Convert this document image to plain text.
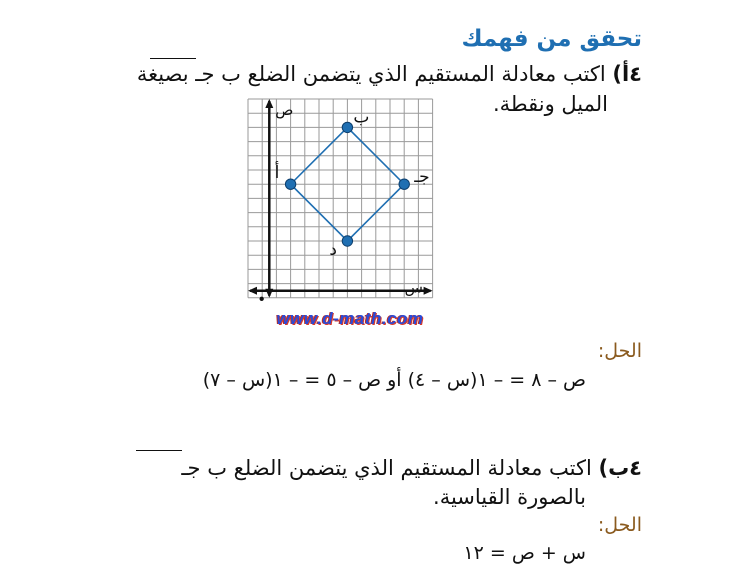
تحقق من فهمك
٤أ) اكتب معادلة المستقيم الذي يتضمن الضلع ب جـ بصيغة
الميل ونقطة.
ص
س
•
ب
جـ
د
أ
www.d-math.com
الحل:
ص – ٨ = – ١(س – ٤) أو ص – ٥ = – ١(س – ٧)
٤ب) اكتب معادلة المستقيم الذي يتضمن الضلع ب جـ
بالصورة القياسية.
الحل:
س + ص = ١٢
